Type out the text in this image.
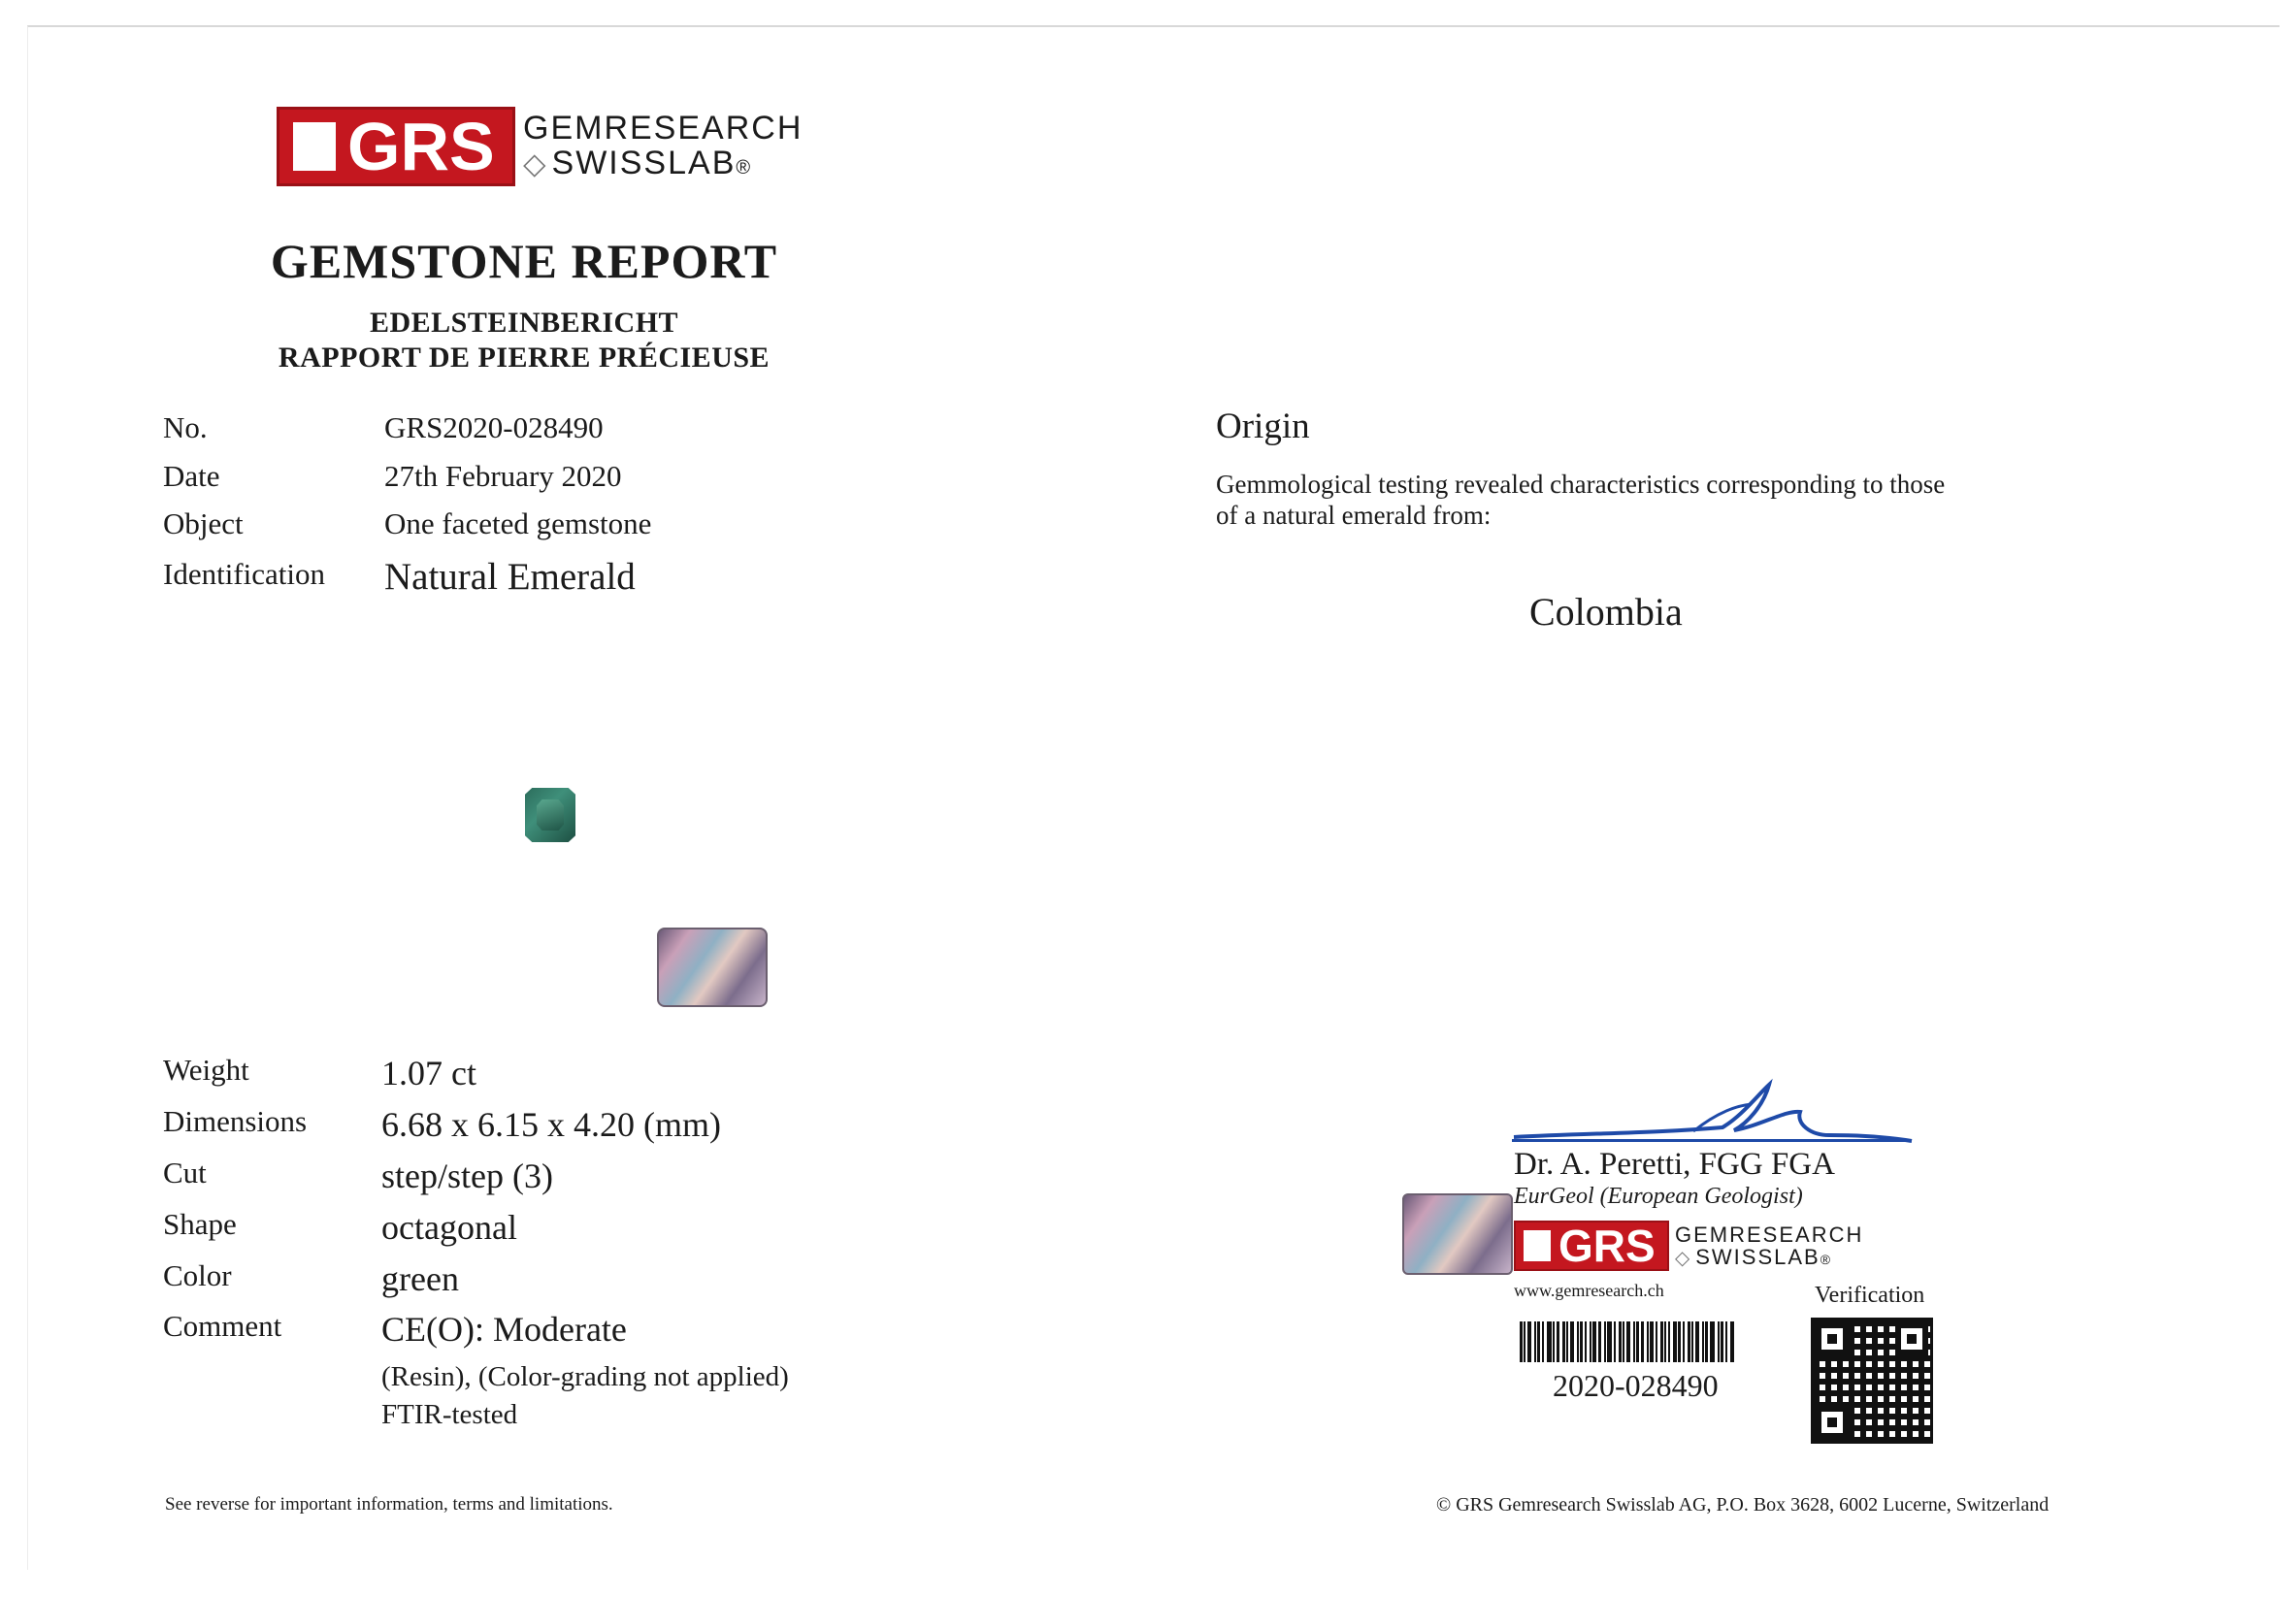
GRS GEMRESEARCH
◇ SWISSLAB®
GEMSTONE REPORT
EDELSTEINBERICHT
RAPPORT DE PIERRE PRÉCIEUSE
No.	GRS2020-028490
Date	27th February 2020
Object	One faceted gemstone
Identification Natural Emerald
Weight	1.07 ct
Dimensions 6.68 x 6.15 x 4.20 (mm)
Cut	step/step (3)
Shape	octagonal
Color	green
Comment	CE(O): Moderate
(Resin), (Color-grading not applied)
FTIR-tested
Origin
Gemmological testing revealed characteristics corresponding to those
of a natural emerald from:
Colombia
Dr. A. Peretti, FGG FGA
EurGeol (European Geologist)
GRS GEMRESEARCH
◇ SWISSLAB®
www.gemresearch.ch	Verification
2020-028490
See reverse for important information, terms and limitations.	© GRS Gemresearch Swisslab AG, P.O. Box 3628, 6002 Lucerne, Switzerland
